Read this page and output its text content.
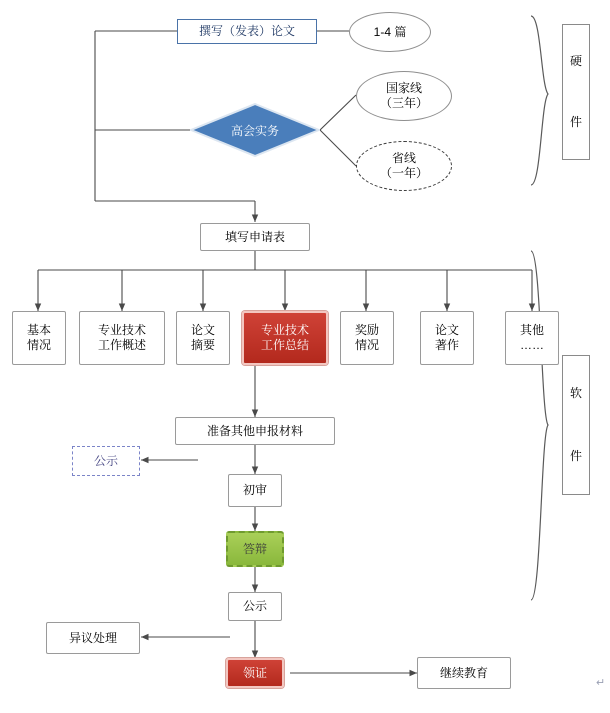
撰写（发表）论文	1-4 篇
高会实务
国家线
（三年）
省线
（一年）
填写申请表
基本
情况
专业技术
工作概述
论文
摘要
专业技术
工作总结
奖励
情况
论文
著作
其他
……
准备其他申报材料
公示
初审
答辩
公示
异议处理
领证	继续教育
硬
件
软
件
↵
